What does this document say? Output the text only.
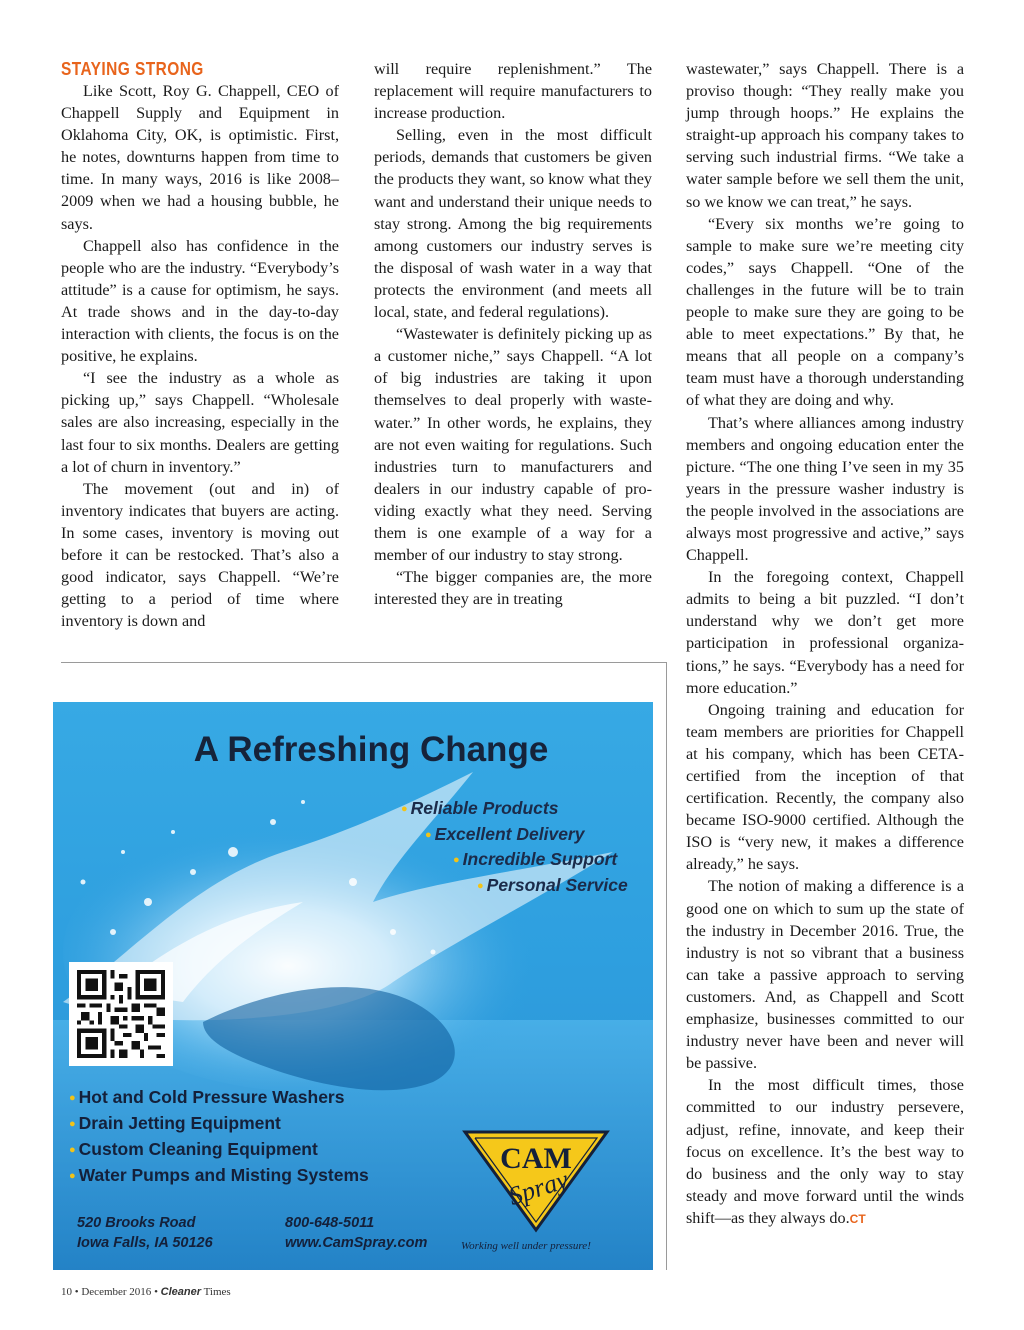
STAYING STRONG

Like Scott, Roy G. Chappell, CEO of Chappell Supply and Equipment in Oklahoma City, OK, is optimistic. First, he notes, downturns happen from time to time. In many ways, 2016 is like 2008–2009 when we had a housing bubble, he says.

Chappell also has confidence in the people who are the industry. “Everybody’s attitude” is a cause for optimism, he says. At trade shows and in the day-to-day interaction with clients, the focus is on the positive, he explains.

“I see the industry as a whole as picking up,” says Chappell. “Wholesale sales are also increasing, especially in the last four to six months. Dealers are getting a lot of churn in inventory.”

The movement (out and in) of inventory indicates that buyers are acting. In some cases, inventory is moving out before it can be restocked. That’s also a good indicator, says Chappell. “We’re getting to a period of time where inventory is down and

will require replenishment.” The replacement will require manufacturers to increase production.

Selling, even in the most difficult periods, demands that customers be given the products they want, so know what they want and understand their unique needs to stay strong. Among the big requirements among customers our industry serves is the disposal of wash water in a way that protects the environment (and meets all local, state, and federal regulations).

“Wastewater is definitely picking up as a customer niche,” says Chappell. “A lot of big industries are taking it upon themselves to deal properly with wastewater.” In other words, he explains, they are not even waiting for regulations. Such industries turn to manufacturers and dealers in our industry capable of providing exactly what they need. Serving them is one example of a way for a member of our industry to stay strong.

“The bigger companies are, the more interested they are in treating

wastewater,” says Chappell. There is a proviso though: “They really make you jump through hoops.” He explains the straight-up approach his company takes to serving such industrial firms. “We take a water sample before we sell them the unit, so we know we can treat,” he says.

“Every six months we’re going to sample to make sure we’re meeting city codes,” says Chappell. “One of the challenges in the future will be to train people to make sure they are going to be able to meet expectations.” By that, he means that all people on a company’s team must have a thorough understanding of what they are doing and why.

That’s where alliances among industry members and ongoing education enter the picture. “The one thing I’ve seen in my 35 years in the pressure washer industry is the people involved in the associations are always most progressive and active,” says Chappell.

In the foregoing context, Chappell admits to being a bit puzzled. “I don’t understand why we don’t get more participation in professional organizations,” he says. “Everybody has a need for more education.”

Ongoing training and education for team members are priorities for Chappell at his company, which has been CETA-certified from the inception of that certification. Recently, the company also became ISO-9000 certified. Although the ISO is “very new, it makes a difference already,” he says.

The notion of making a difference is a good one on which to sum up the state of the industry in December 2016. True, the industry is not so vibrant that a business can take a passive approach to serving customers. And, as Chappell and Scott emphasize, businesses committed to our industry never have been and never will be passive.

In the most difficult times, those committed to our industry persevere, adjust, refine, innovate, and keep their focus on excellence. It’s the best way to do business and the only way to stay steady and move forward until the winds shift—as they always do.CT

A Refreshing Change
● Reliable Products
● Excellent Delivery
● Incredible Support
● Personal Service
● Hot and Cold Pressure Washers
● Drain Jetting Equipment
● Custom Cleaning Equipment
● Water Pumps and Misting Systems	CAM
Spray
520 Brooks Road
Iowa Falls, IA 50126
800-648-5011
www.CamSpray.com	Working well under pressure!
10 • December 2016 • Cleaner Times
